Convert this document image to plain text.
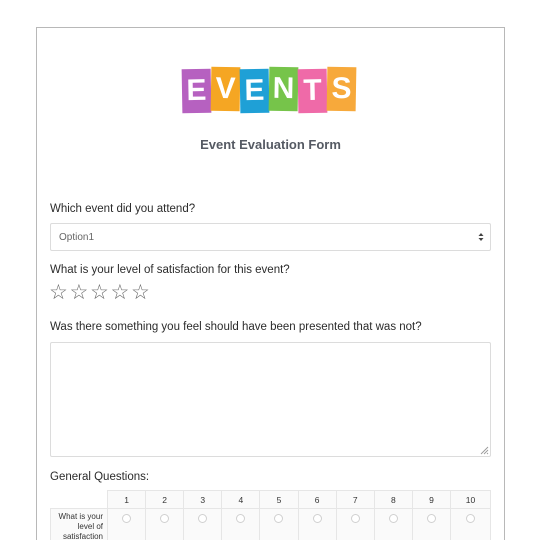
E V E N T S
Event Evaluation Form
Which event did you attend?
Option1
What is your level of satisfaction for this event?
☆ ☆ ☆ ☆ ☆
Was there something you feel should have been presented that was not?
General Questions:
	1	2	3	4	5	6	7	8	9	10
What is your level of satisfaction										
